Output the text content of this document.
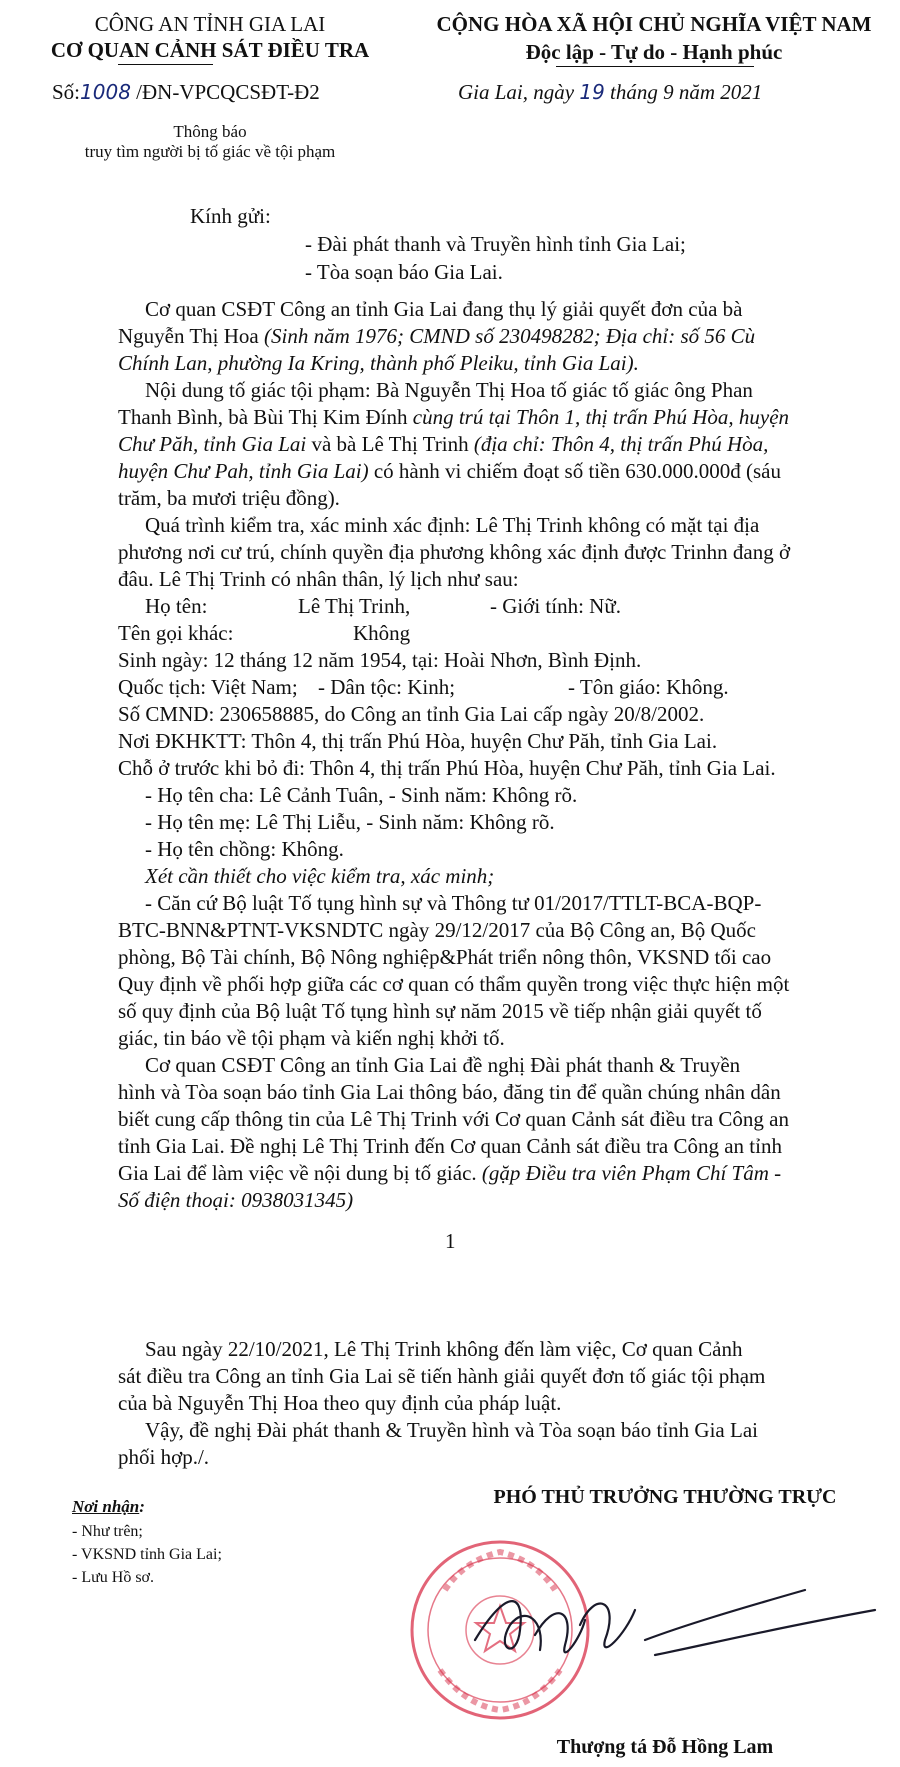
CÔNG AN TỈNH GIA LAI
CƠ QUAN CẢNH SÁT ĐIỀU TRA
CỘNG HÒA XÃ HỘI CHỦ NGHĨA VIỆT NAM
Độc lập - Tự do - Hạnh phúc
Số:1008 /ĐN-VPCQCSĐT-Đ2	Gia Lai, ngày 19 tháng 9 năm 2021
Thông báo
truy tìm người bị tố giác về tội phạm
Kính gửi:
- Đài phát thanh và Truyền hình tỉnh Gia Lai;
- Tòa soạn báo Gia Lai.
Cơ quan CSĐT Công an tỉnh Gia Lai đang thụ lý giải quyết đơn của bà
Nguyễn Thị Hoa (Sinh năm 1976; CMND số 230498282; Địa chỉ: số 56 Cù
Chính Lan, phường Ia Kring, thành phố Pleiku, tỉnh Gia Lai).
Nội dung tố giác tội phạm: Bà Nguyễn Thị Hoa tố giác tố giác ông Phan
Thanh Bình, bà Bùi Thị Kim Đính cùng trú tại Thôn 1, thị trấn Phú Hòa, huyện
Chư Păh, tỉnh Gia Lai và bà Lê Thị Trinh (địa chỉ: Thôn 4, thị trấn Phú Hòa,
huyện Chư Pah, tỉnh Gia Lai) có hành vi chiếm đoạt số tiền 630.000.000đ (sáu
trăm, ba mươi triệu đồng).
Quá trình kiểm tra, xác minh xác định: Lê Thị Trinh không có mặt tại địa
phương nơi cư trú, chính quyền địa phương không xác định được Trinhn đang ở
đâu. Lê Thị Trinh có nhân thân, lý lịch như sau:
Họ tên:	Lê Thị Trinh,	- Giới tính: Nữ.
Tên gọi khác:	Không
Sinh ngày: 12 tháng 12 năm 1954, tại: Hoài Nhơn, Bình Định.
Quốc tịch: Việt Nam; - Dân tộc: Kinh;	- Tôn giáo: Không.
Số CMND: 230658885, do Công an tỉnh Gia Lai cấp ngày 20/8/2002.
Nơi ĐKHKTT: Thôn 4, thị trấn Phú Hòa, huyện Chư Păh, tỉnh Gia Lai.
Chỗ ở trước khi bỏ đi: Thôn 4, thị trấn Phú Hòa, huyện Chư Păh, tỉnh Gia Lai.
- Họ tên cha: Lê Cảnh Tuân, - Sinh năm: Không rõ.
- Họ tên mẹ: Lê Thị Liễu, - Sinh năm: Không rõ.
- Họ tên chồng: Không.
Xét cần thiết cho việc kiểm tra, xác minh;
- Căn cứ Bộ luật Tố tụng hình sự và Thông tư 01/2017/TTLT-BCA-BQP-
BTC-BNN&PTNT-VKSNDTC ngày 29/12/2017 của Bộ Công an, Bộ Quốc
phòng, Bộ Tài chính, Bộ Nông nghiệp&Phát triển nông thôn, VKSND tối cao
Quy định về phối hợp giữa các cơ quan có thẩm quyền trong việc thực hiện một
số quy định của Bộ luật Tố tụng hình sự năm 2015 về tiếp nhận giải quyết tố
giác, tin báo về tội phạm và kiến nghị khởi tố.
Cơ quan CSĐT Công an tỉnh Gia Lai đề nghị Đài phát thanh & Truyền
hình và Tòa soạn báo tỉnh Gia Lai thông báo, đăng tin để quần chúng nhân dân
biết cung cấp thông tin của Lê Thị Trinh với Cơ quan Cảnh sát điều tra Công an
tỉnh Gia Lai. Đề nghị Lê Thị Trinh đến Cơ quan Cảnh sát điều tra Công an tỉnh
Gia Lai để làm việc về nội dung bị tố giác. (gặp Điều tra viên Phạm Chí Tâm -
Số điện thoại: 0938031345)
1
Sau ngày 22/10/2021, Lê Thị Trinh không đến làm việc, Cơ quan Cảnh
sát điều tra Công an tỉnh Gia Lai sẽ tiến hành giải quyết đơn tố giác tội phạm
của bà Nguyễn Thị Hoa theo quy định của pháp luật.
Vậy, đề nghị Đài phát thanh & Truyền hình và Tòa soạn báo tỉnh Gia Lai
phối hợp./.
Nơi nhận:
- Như trên;
- VKSND tỉnh Gia Lai;
- Lưu Hồ sơ.
PHÓ THỦ TRƯỞNG THƯỜNG TRỰC
Thượng tá Đỗ Hồng Lam
